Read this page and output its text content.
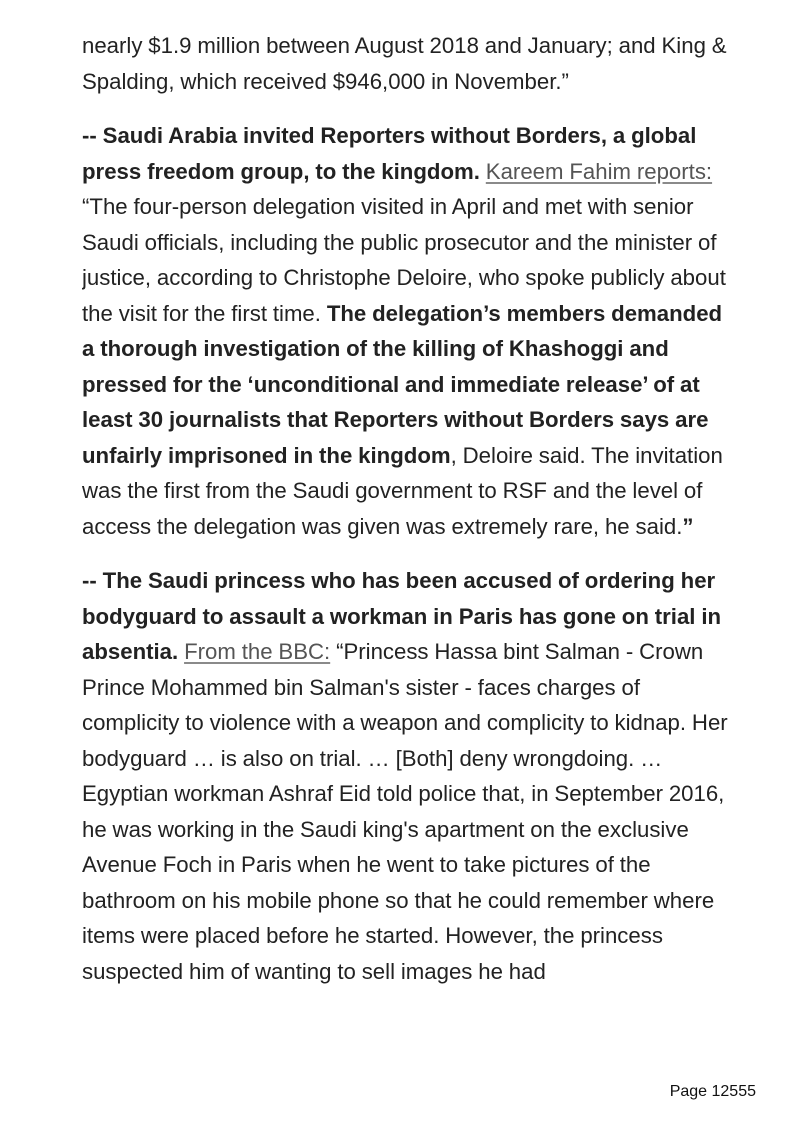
nearly $1.9 million between August 2018 and January; and King & Spalding, which received $946,000 in November.”

-- Saudi Arabia invited Reporters without Borders, a global press freedom group, to the kingdom. Kareem Fahim reports: “The four-person delegation visited in April and met with senior Saudi officials, including the public prosecutor and the minister of justice, according to Christophe Deloire, who spoke publicly about the visit for the first time. The delegation’s members demanded a thorough investigation of the killing of Khashoggi and pressed for the ‘unconditional and immediate release’ of at least 30 journalists that Reporters without Borders says are unfairly imprisoned in the kingdom, Deloire said. The invitation was the first from the Saudi government to RSF and the level of access the delegation was given was extremely rare, he said.”

-- The Saudi princess who has been accused of ordering her bodyguard to assault a workman in Paris has gone on trial in absentia. From the BBC: “Princess Hassa bint Salman - Crown Prince Mohammed bin Salman's sister - faces charges of complicity to violence with a weapon and complicity to kidnap. Her bodyguard … is also on trial. … [Both] deny wrongdoing. … Egyptian workman Ashraf Eid told police that, in September 2016, he was working in the Saudi king's apartment on the exclusive Avenue Foch in Paris when he went to take pictures of the bathroom on his mobile phone so that he could remember where items were placed before he started. However, the princess suspected him of wanting to sell images he had

Page 12555
